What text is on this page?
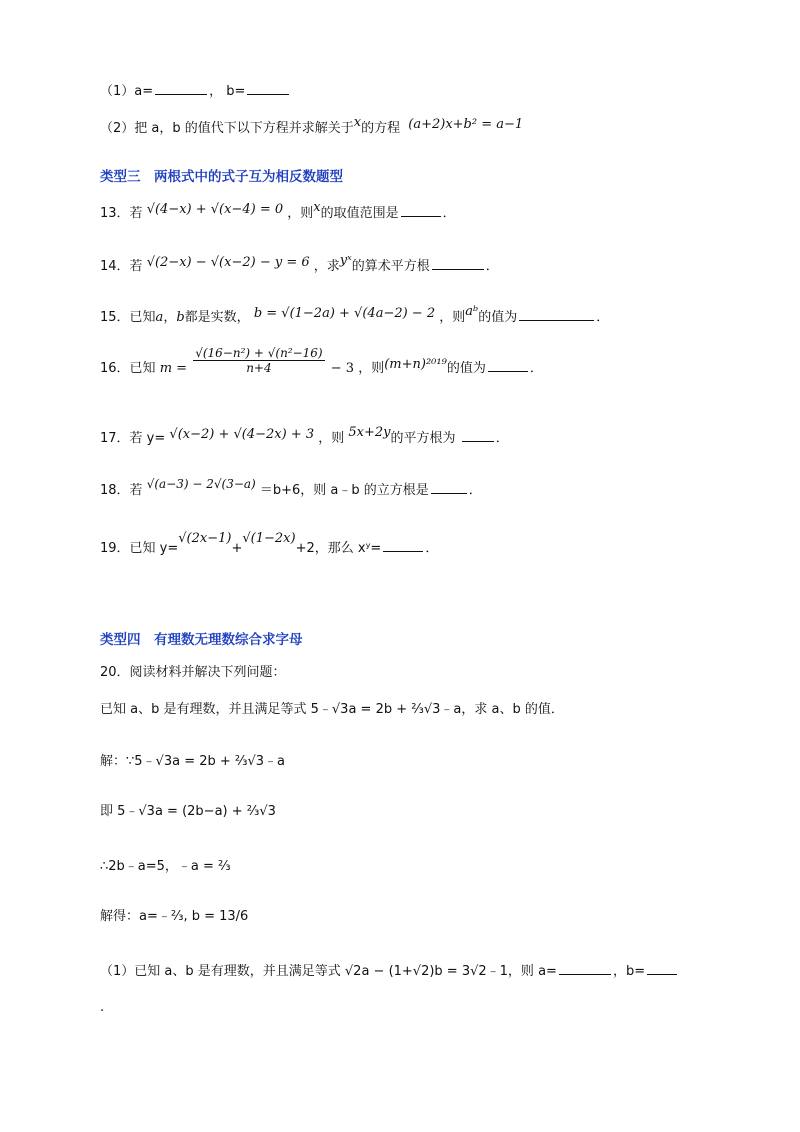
（1）a=	， b=
（2）把 a，b 的值代下以下方程并求解关于x的方程 (a+2)x+b² = a−1
类型三　两根式中的式子互为相反数题型
13．若 √(4−x) + √(x−4) = 0 ，则x的取值范围是	．
14．若 √(2−x) − √(x−2) − y = 6 ，求yˣ的算术平方根	．
15．已知a，b都是实数， b = √(1−2a) + √(4a−2) − 2 ，则aᵇ的值为	．
16．已知 $m = \frac{\text{√(16−n²) + √(n²−16)}}{n+4} - 3$ ，则(m+n)²⁰¹⁹的值为	．
17．若 y= √(x−2) + √(4−2x) + 3 ，则 5x+2y的平方根为	．
18．若 √(a−3) − 2√(3−a) ＝b+6，则 a﹣b 的立方根是	．
19．已知 y=√(2x−1)+√(1−2x)+2，那么 xʸ=	．
类型四　有理数无理数综合求字母
20．阅读材料并解决下列问题：
已知 a、b 是有理数，并且满足等式 5﹣√3a = 2b + ⅔√3﹣a，求 a、b 的值．
解：∵5﹣√3a = 2b + ⅔√3﹣a
即 5﹣√3a = (2b−a) + ⅔√3
∴2b﹣a=5，﹣a = ⅔
解得：a=﹣⅔, b = 13/6
（1）已知 a、b 是有理数，并且满足等式 √2a − (1+√2)b = 3√2﹣1，则 a=	，b=
.
